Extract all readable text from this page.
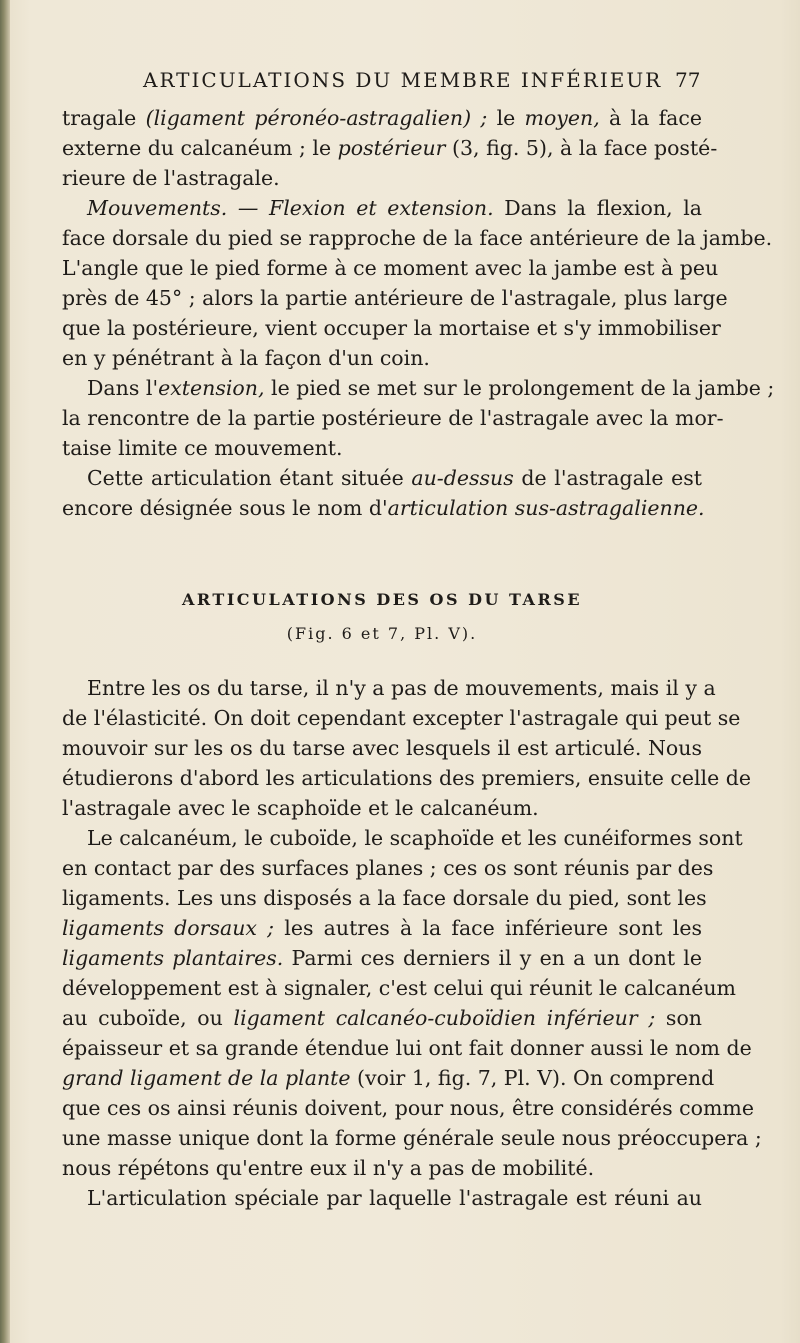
ARTICULATIONS DU MEMBRE INFÉRIEUR 77
tragale (ligament péronéo-astragalien) ; le moyen, à la face
externe du calcanéum ; le postérieur (3, fig. 5), à la face posté-
rieure de l'astragale.
Mouvements. — Flexion et extension. Dans la flexion, la
face dorsale du pied se rapproche de la face antérieure de la jambe.
L'angle que le pied forme à ce moment avec la jambe est à peu
près de 45° ; alors la partie antérieure de l'astragale, plus large
que la postérieure, vient occuper la mortaise et s'y immobiliser
en y pénétrant à la façon d'un coin.
Dans l'extension, le pied se met sur le prolongement de la jambe ;
la rencontre de la partie postérieure de l'astragale avec la mor-
taise limite ce mouvement.
Cette articulation étant située au-dessus de l'astragale est
encore désignée sous le nom d'articulation sus-astragalienne.
ARTICULATIONS DES OS DU TARSE
(Fig. 6 et 7, Pl. V).
Entre les os du tarse, il n'y a pas de mouvements, mais il y a
de l'élasticité. On doit cependant excepter l'astragale qui peut se
mouvoir sur les os du tarse avec lesquels il est articulé. Nous
étudierons d'abord les articulations des premiers, ensuite celle de
l'astragale avec le scaphoïde et le calcanéum.
Le calcanéum, le cuboïde, le scaphoïde et les cunéiformes sont
en contact par des surfaces planes ; ces os sont réunis par des
ligaments. Les uns disposés a la face dorsale du pied, sont les
ligaments dorsaux ; les autres à la face inférieure sont les
ligaments plantaires. Parmi ces derniers il y en a un dont le
développement est à signaler, c'est celui qui réunit le calcanéum
au cuboïde, ou ligament calcanéo-cuboïdien inférieur ; son
épaisseur et sa grande étendue lui ont fait donner aussi le nom de
grand ligament de la plante (voir 1, fig. 7, Pl. V). On comprend
que ces os ainsi réunis doivent, pour nous, être considérés comme
une masse unique dont la forme générale seule nous préoccupera ;
nous répétons qu'entre eux il n'y a pas de mobilité.
L'articulation spéciale par laquelle l'astragale est réuni au
